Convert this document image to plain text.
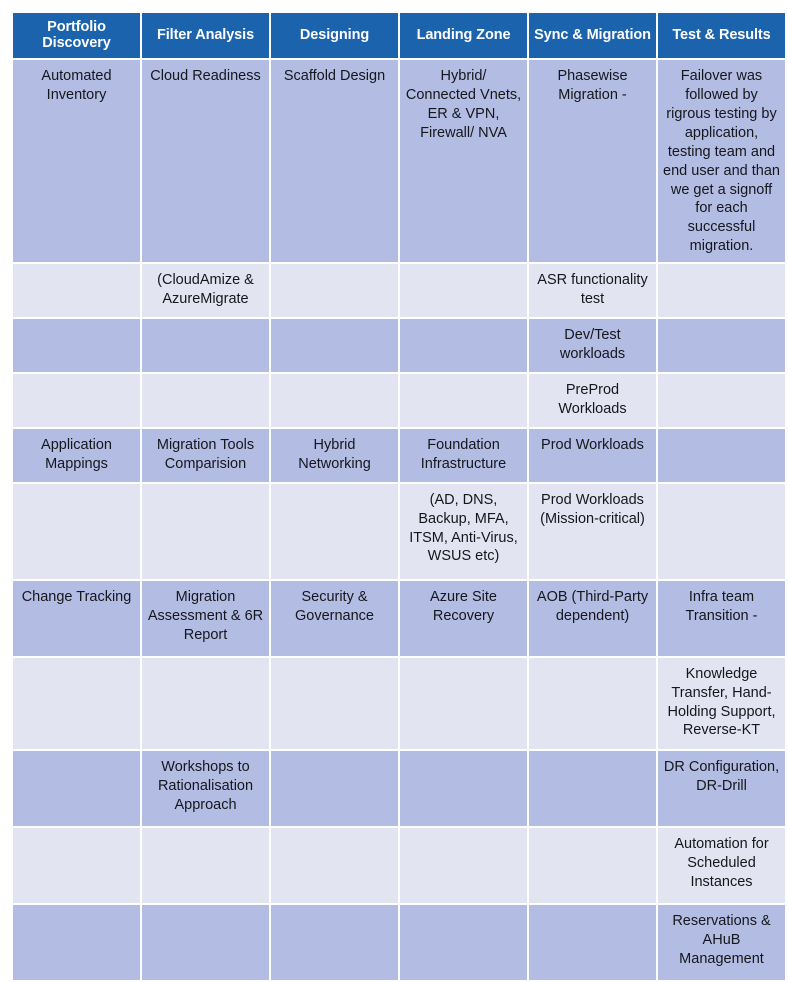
Portfolio Discovery	Filter Analysis	Designing	Landing Zone	Sync & Migration	Test & Results
Automated Inventory	Cloud Readiness	Scaffold Design	Hybrid/ Connected Vnets, ER & VPN, Firewall/ NVA	Phasewise Migration -	Failover was followed by rigrous testing by application, testing team and end user and than we get a signoff for each successful migration.
	(CloudAmize & AzureMigrate			ASR functionality test	
				Dev/Test workloads	
				PreProd Workloads	
Application Mappings	Migration Tools Comparision	Hybrid Networking	Foundation Infrastructure	Prod Workloads	
			(AD, DNS, Backup, MFA, ITSM, Anti-Virus, WSUS etc)	Prod Workloads (Mission-critical)	
Change Tracking	Migration Assessment & 6R Report	Security & Governance	Azure Site Recovery	AOB (Third-Party dependent)	Infra team Transition -
					Knowledge Transfer, Hand-Holding Support, Reverse-KT
	Workshops to Rationalisation Approach				DR Configuration, DR-Drill
					Automation for Scheduled Instances
					Reservations & AHuB Management
